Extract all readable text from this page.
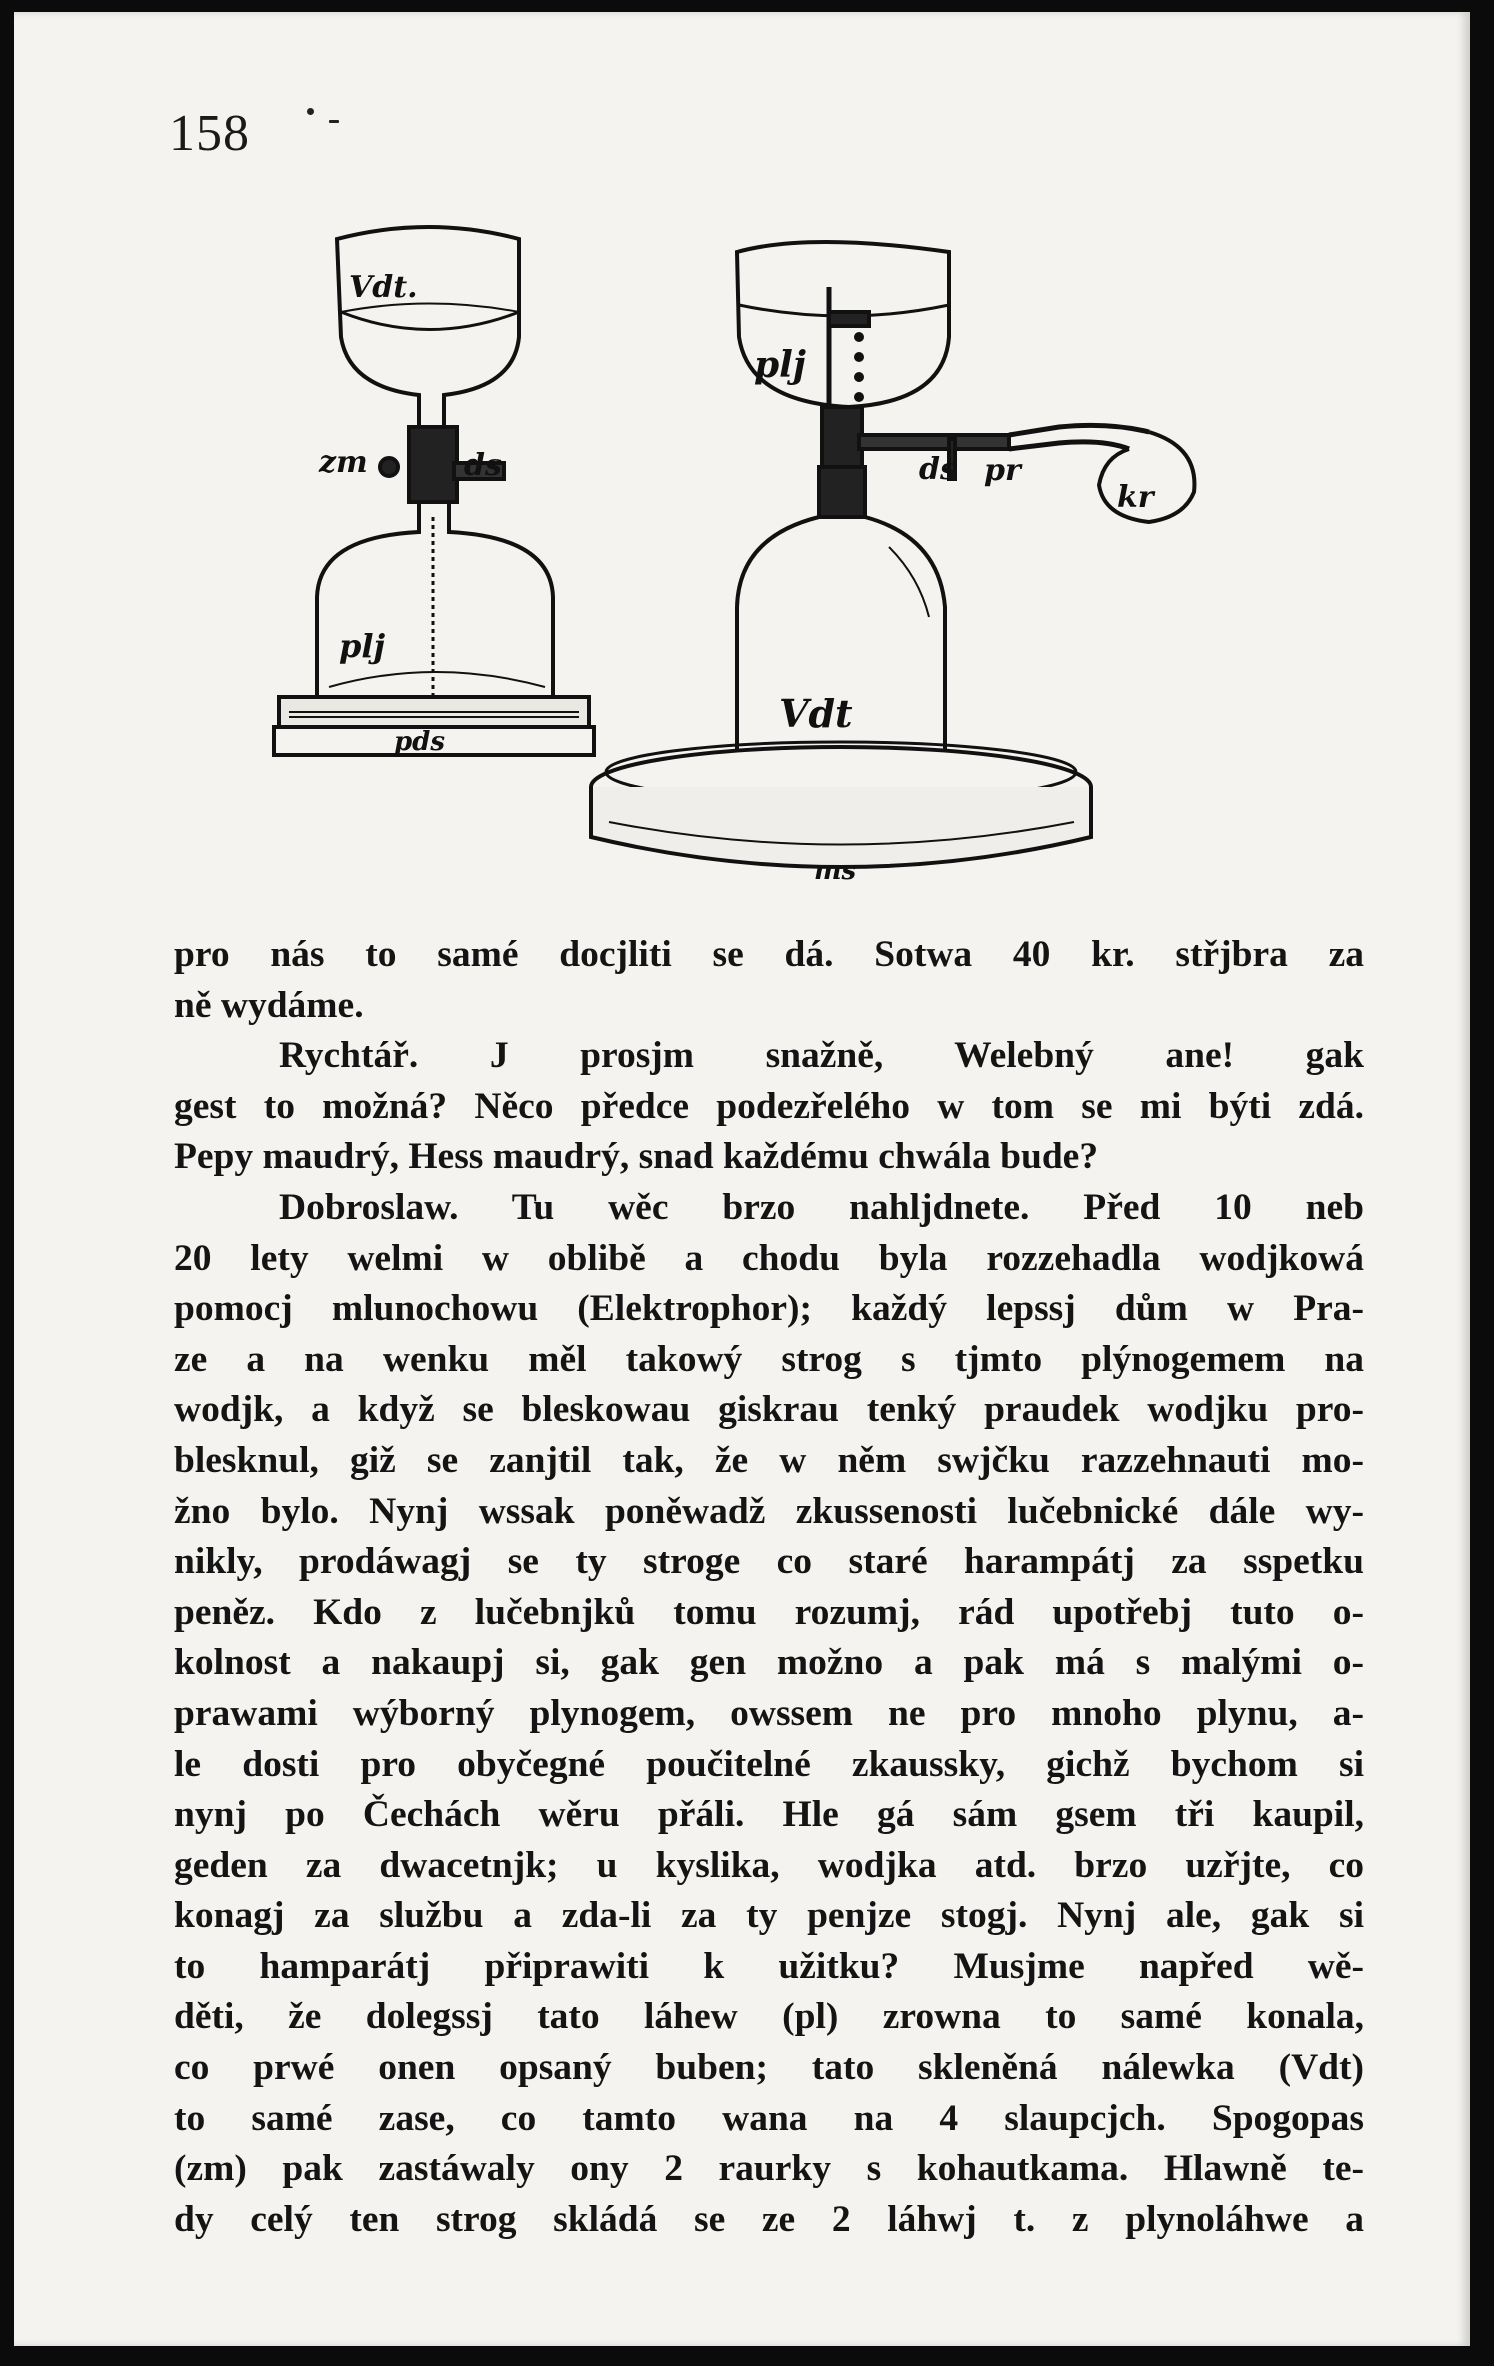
158
Vdt.
zm	ds
plj
pds
plj
ds pr
kr
Vdt
ms
pro nás to samé docjliti se dá. Sotwa 40 kr. střjbra za
ně wydáme.
Rychtář. J prosjm snažně, Welebný ane! gak
gest to možná? Něco předce podezřelého w tom se mi býti zdá.
Pepy maudrý, Hess maudrý, snad každému chwála bude?
Dobroslaw. Tu wěc brzo nahljdnete. Před 10 neb
20 lety welmi w oblibě a chodu byla rozzehadla wodjkowá
pomocj mlunochowu (Elektrophor); každý lepssj dům w Pra-
ze a na wenku měl takowý strog s tjmto plýnogemem na
wodjk, a když se bleskowau giskrau tenký praudek wodjku pro-
blesknul, giž se zanjtil tak, že w něm swjčku razzehnauti mo-
žno bylo. Nynj wssak poněwadž zkussenosti lučebnické dále wy-
nikly, prodáwagj se ty stroge co staré harampátj za sspetku
peněz. Kdo z lučebnjků tomu rozumj, rád upotřebj tuto o-
kolnost a nakaupj si, gak gen možno a pak má s malými o-
prawami wýborný plynogem, owssem ne pro mnoho plynu, a-
le dosti pro obyčegné poučitelné zkaussky, gichž bychom si
nynj po Čechách wěru přáli. Hle gá sám gsem tři kaupil,
geden za dwacetnjk; u kyslika, wodjka atd. brzo uzřjte, co
konagj za službu a zda-li za ty penjze stogj. Nynj ale, gak si
to hamparátj připrawiti k užitku? Musjme napřed wě-
děti, že dolegssj tato láhew (pl) zrowna to samé konala,
co prwé onen opsaný buben; tato skleněná nálewka (Vdt)
to samé zase, co tamto wana na 4 slaupcjch. Spogopas
(zm) pak zastáwaly ony 2 raurky s kohautkama. Hlawně te-
dy celý ten strog skládá se ze 2 láhwj t. z plynoláhwe a
